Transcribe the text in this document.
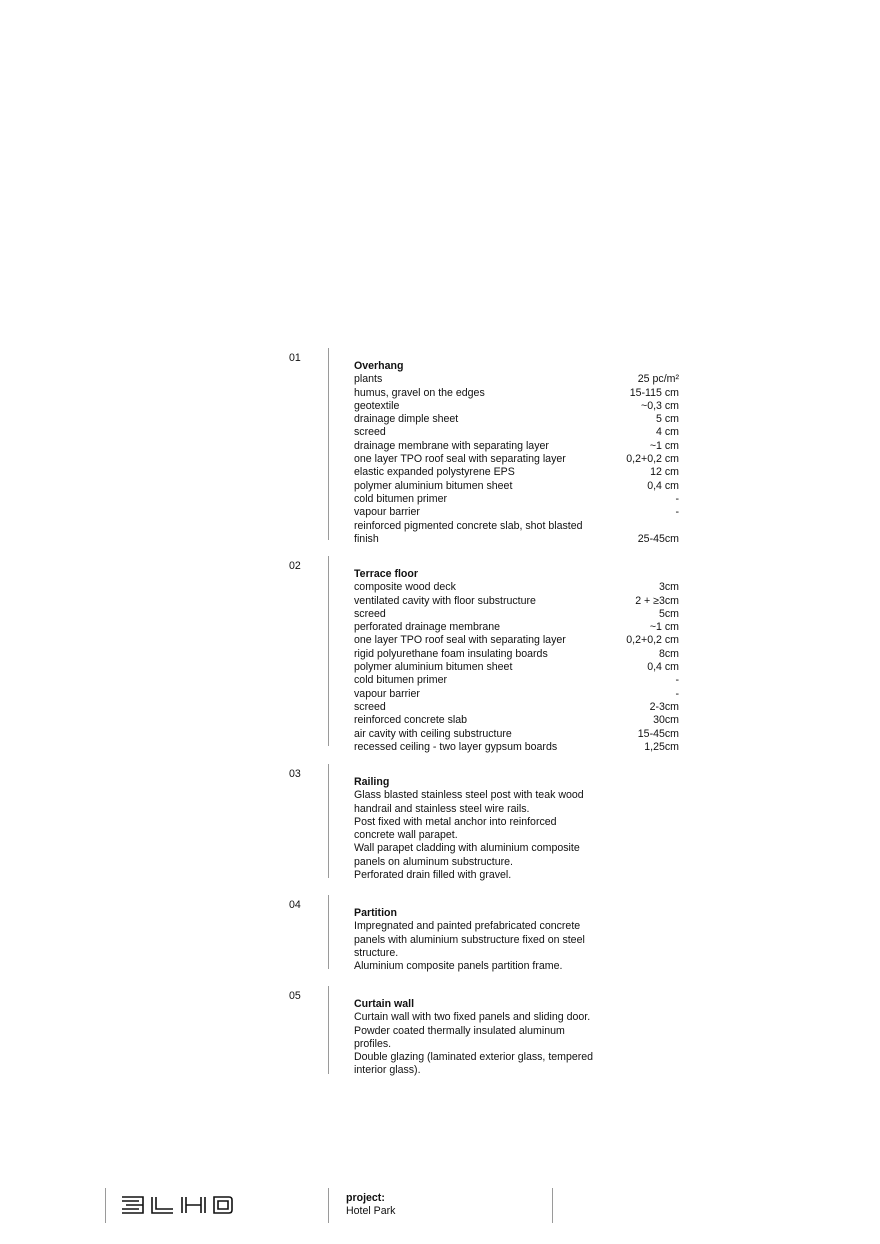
01
Overhang
plants	25 pc/m²
humus, gravel on the edges	15-115 cm
geotextile	~0,3 cm
drainage dimple sheet	5 cm
screed	4 cm
drainage membrane with separating layer	~1 cm
one layer TPO roof seal with separating layer	0,2+0,2 cm
elastic expanded polystyrene EPS	12 cm
polymer aluminium bitumen sheet	0,4 cm
cold bitumen primer	-
vapour barrier	-
reinforced pigmented concrete slab, shot blasted finish	25-45cm
02
Terrace floor
composite wood deck	3cm
ventilated cavity with floor substructure	2 + ≥3cm
screed	5cm
perforated drainage membrane	~1 cm
one layer TPO roof seal with separating layer	0,2+0,2 cm
rigid polyurethane foam insulating boards	8cm
polymer aluminium bitumen sheet	0,4 cm
cold bitumen primer	-
vapour barrier	-
screed	2-3cm
reinforced concrete slab	30cm
air cavity with ceiling substructure	15-45cm
recessed ceiling - two layer gypsum boards	1,25cm
03
Railing
Glass blasted stainless steel post with teak wood
handrail and stainless steel wire rails.
Post fixed with metal anchor into reinforced
concrete wall parapet.
Wall parapet cladding with aluminium composite
panels on aluminum substructure.
Perforated drain filled with gravel.
04
Partition
Impregnated and painted prefabricated concrete
panels with aluminium substructure fixed on steel
structure.
Aluminium composite panels partition frame.
05
Curtain wall
Curtain wall with two fixed panels and sliding door.
Powder coated thermally insulated aluminum
profiles.
Double glazing (laminated exterior glass, tempered
interior glass).
project:
Hotel Park
